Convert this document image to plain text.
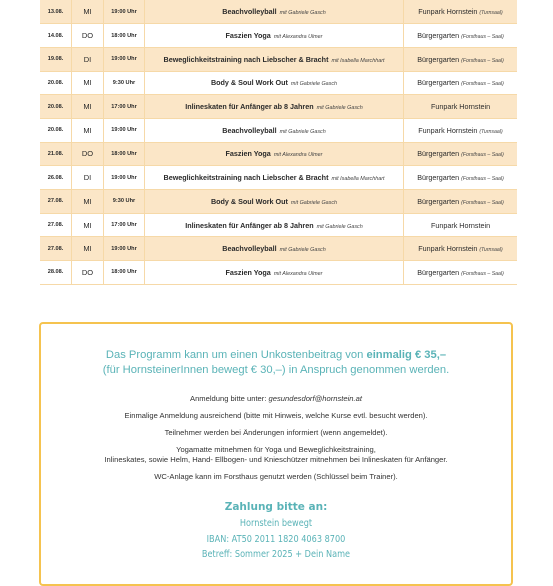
13.08.	MI	19:00 Uhr	Beachvolleyball mit Gabriele Gasch	Funpark Hornstein (Turnsaal)
14.08.	DO	18:00 Uhr	Faszien Yoga mit Alexandra Ulmer	Bürgergarten (Forsthaus – Saal)
19.08.	DI	19:00 Uhr	Beweglichkeitstraining nach Liebscher & Bracht mit Isabella Marchhart	Bürgergarten (Forsthaus – Saal)
20.08.	MI	9:30 Uhr	Body & Soul Work Out mit Gabriele Gasch	Bürgergarten (Forsthaus – Saal)
20.08.	MI	17:00 Uhr	Inlineskaten für Anfänger ab 8 Jahren mit Gabriele Gasch	Funpark Hornstein
20.08.	MI	19:00 Uhr	Beachvolleyball mit Gabriele Gasch	Funpark Hornstein (Turnsaal)
21.08.	DO	18:00 Uhr	Faszien Yoga mit Alexandra Ulmer	Bürgergarten (Forsthaus – Saal)
26.08.	DI	19:00 Uhr	Beweglichkeitstraining nach Liebscher & Bracht mit Isabella Marchhart	Bürgergarten (Forsthaus – Saal)
27.08.	MI	9:30 Uhr	Body & Soul Work Out mit Gabriele Gasch	Bürgergarten (Forsthaus – Saal)
27.08.	MI	17:00 Uhr	Inlineskaten für Anfänger ab 8 Jahren mit Gabriele Gasch	Funpark Hornstein
27.08.	MI	19:00 Uhr	Beachvolleyball mit Gabriele Gasch	Funpark Hornstein (Turnsaal)
28.08.	DO	18:00 Uhr	Faszien Yoga mit Alexandra Ulmer	Bürgergarten (Forsthaus – Saal)
Das Programm kann um einen Unkostenbeitrag von einmalig € 35,–
(für HornsteinerInnen bewegt € 30,–) in Anspruch genommen werden.

Anmeldung bitte unter: gesundesdorf@hornstein.at

Einmalige Anmeldung ausreichend (bitte mit Hinweis, welche Kurse evtl. besucht werden).

Teilnehmer werden bei Änderungen informiert (wenn angemeldet).

Yogamatte mitnehmen für Yoga und Beweglichkeitstraining,
Inlineskates, sowie Helm, Hand- Ellbogen- und Knieschützer mitnehmen bei Inlineskaten für Anfänger.

WC-Anlage kann im Forsthaus genutzt werden (Schlüssel beim Trainer).

Zahlung bitte an:
Hornstein bewegt
IBAN: AT50 2011 1820 4063 8700
Betreff: Sommer 2025 + Dein Name
